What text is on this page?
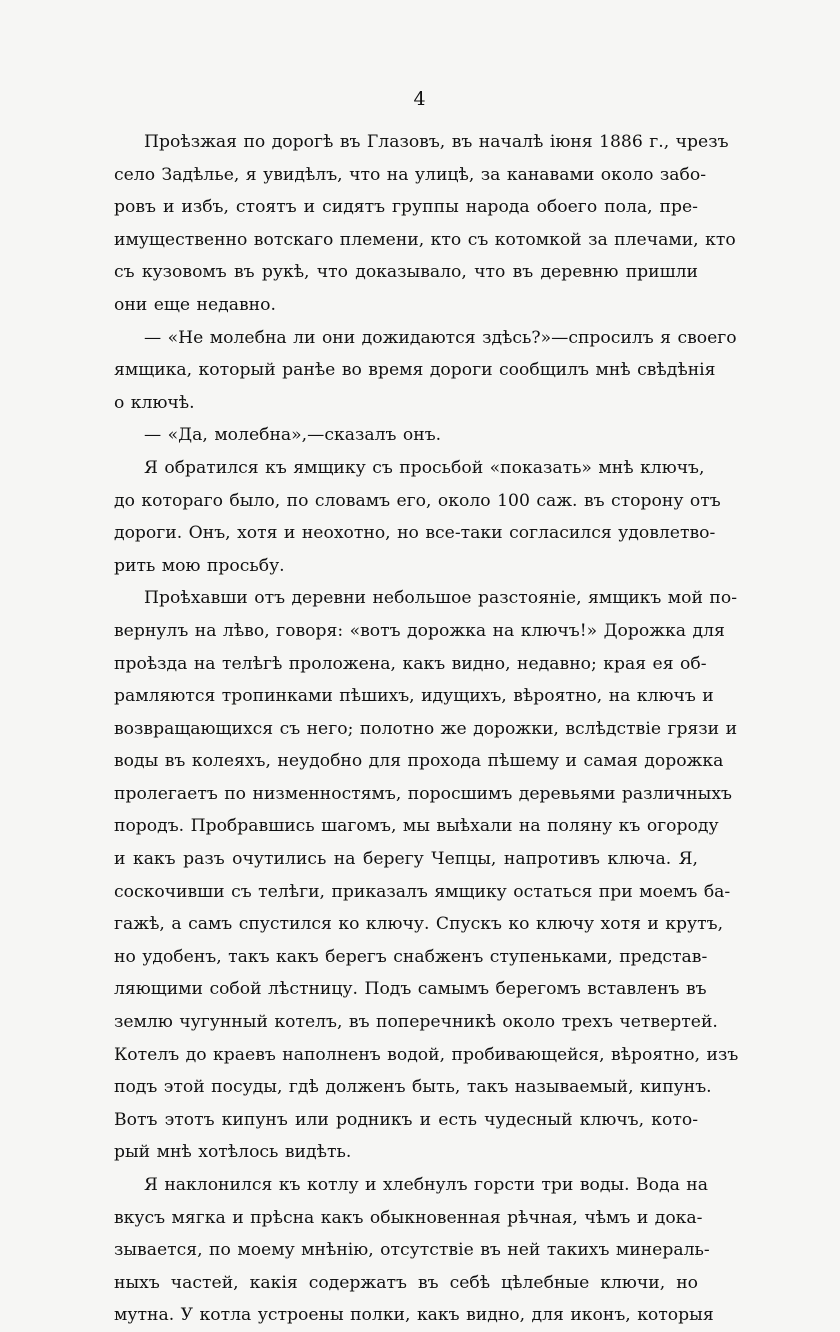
4
Проѣзжая по дорогѣ въ Глазовъ, въ началѣ іюня 1886 г., чрезъ
село Задѣлье, я увидѣлъ, что на улицѣ, за канавами около забо-
ровъ и избъ, стоятъ и сидятъ группы народа обоего пола, пре-
имущественно вотскаго племени, кто съ котомкой за плечами, кто
съ кузовомъ въ рукѣ, что доказывало, что въ деревню пришли
они еще недавно.
— «Не молебна ли они дожидаются здѣсь?»—спросилъ я своего
ямщика, который ранѣе во время дороги сообщилъ мнѣ свѣдѣнія
о ключѣ.
— «Да, молебна»,—сказалъ онъ.
Я обратился къ ямщику съ просьбой «показать» мнѣ ключъ,
до котораго было, по словамъ его, около 100 саж. въ сторону отъ
дороги. Онъ, хотя и неохотно, но все-таки согласился удовлетво-
рить мою просьбу.
Проѣхавши отъ деревни небольшое разстояніе, ямщикъ мой по-
вернулъ на лѣво, говоря: «вотъ дорожка на ключъ!» Дорожка для
проѣзда на телѣгѣ проложена, какъ видно, недавно; края ея об-
рамляются тропинками пѣшихъ, идущихъ, вѣроятно, на ключъ и
возвращающихся съ него; полотно же дорожки, вслѣдствіе грязи и
воды въ колеяхъ, неудобно для прохода пѣшему и самая дорожка
пролегаетъ по низменностямъ, поросшимъ деревьями различныхъ
породъ. Пробравшись шагомъ, мы выѣхали на поляну къ огороду
и какъ разъ очутились на берегу Чепцы, напротивъ ключа. Я,
соскочивши съ телѣги, приказалъ ямщику остаться при моемъ ба-
гажѣ, а самъ спустился ко ключу. Спускъ ко ключу хотя и крутъ,
но удобенъ, такъ какъ берегъ снабженъ ступеньками, представ-
ляющими собой лѣстницу. Подъ самымъ берегомъ вставленъ въ
землю чугунный котелъ, въ поперечникѣ около трехъ четвертей.
Котелъ до краевъ наполненъ водой, пробивающейся, вѣроятно, изъ
подъ этой посуды, гдѣ долженъ быть, такъ называемый, кипунъ.
Вотъ этотъ кипунъ или родникъ и есть чудесный ключъ, кото-
рый мнѣ хотѣлось видѣть.
Я наклонился къ котлу и хлебнулъ горсти три воды. Вода на
вкусъ мягка и прѣсна какъ обыкновенная рѣчная, чѣмъ и дока-
зывается, по моему мнѣнію, отсутствіе въ ней такихъ минераль-
ныхъ частей, какія содержатъ въ себѣ цѣлебные ключи, но
мутна. У котла устроены полки, какъ видно, для иконъ, которыя
